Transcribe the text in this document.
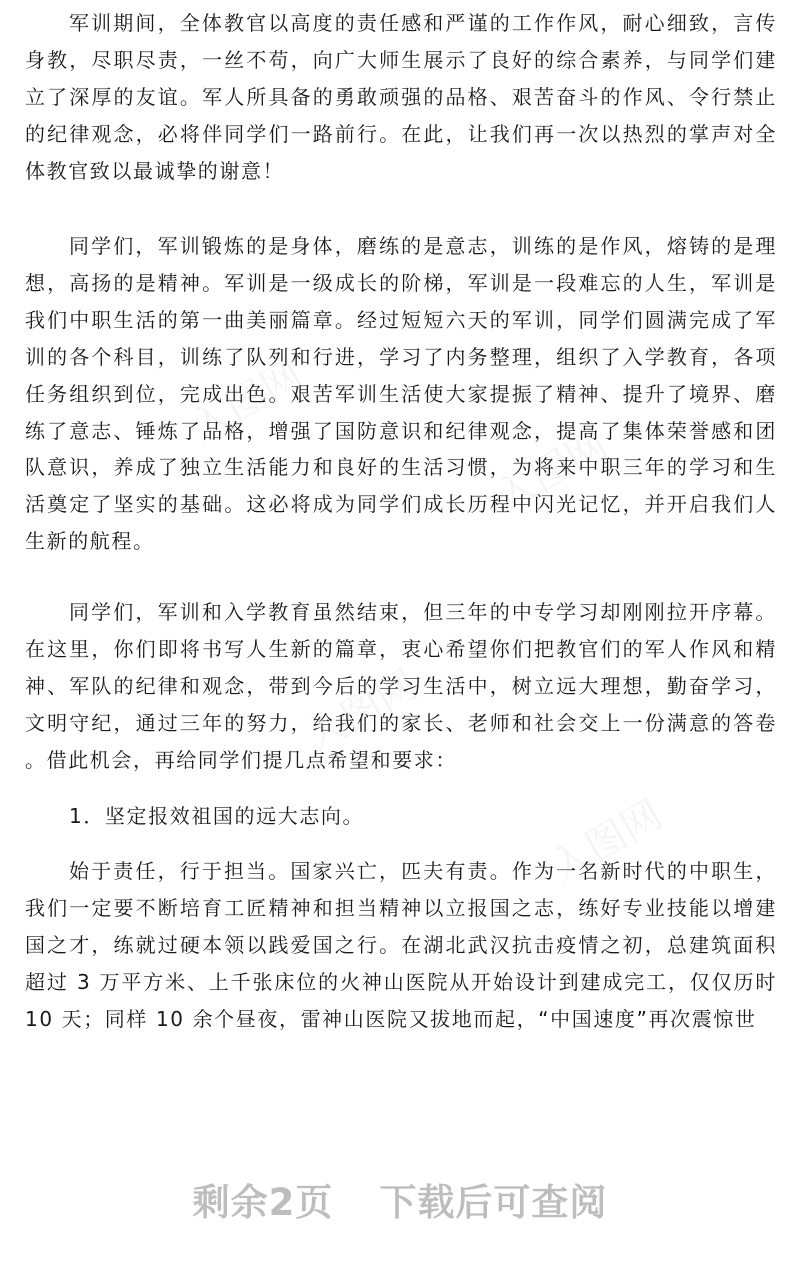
军训期间，全体教官以高度的责任感和严谨的工作作风，耐心细致，言传身教，尽职尽责，一丝不苟，向广大师生展示了良好的综合素养，与同学们建立了深厚的友谊。军人所具备的勇敢顽强的品格、艰苦奋斗的作风、令行禁止的纪律观念，必将伴同学们一路前行。在此，让我们再一次以热烈的掌声对全体教官致以最诚挚的谢意！

同学们，军训锻炼的是身体，磨练的是意志，训练的是作风，熔铸的是理想，高扬的是精神。军训是一级成长的阶梯，军训是一段难忘的人生，军训是我们中职生活的第一曲美丽篇章。经过短短六天的军训，同学们圆满完成了军训的各个科目，训练了队列和行进，学习了内务整理，组织了入学教育，各项任务组织到位，完成出色。艰苦军训生活使大家提振了精神、提升了境界、磨练了意志、锤炼了品格，增强了国防意识和纪律观念，提高了集体荣誉感和团队意识，养成了独立生活能力和良好的生活习惯，为将来中职三年的学习和生活奠定了坚实的基础。这必将成为同学们成长历程中闪光记忆，并开启我们人生新的航程。

同学们，军训和入学教育虽然结束，但三年的中专学习却刚刚拉开序幕。在这里，你们即将书写人生新的篇章，衷心希望你们把教官们的军人作风和精神、军队的纪律和观念，带到今后的学习生活中，树立远大理想，勤奋学习，文明守纪，通过三年的努力，给我们的家长、老师和社会交上一份满意的答卷。借此机会，再给同学们提几点希望和要求：

1．坚定报效祖国的远大志向。

始于责任，行于担当。国家兴亡，匹夫有责。作为一名新时代的中职生，我们一定要不断培育工匠精神和担当精神以立报国之志，练好专业技能以增建国之才，练就过硬本领以践爱国之行。在湖北武汉抗击疫情之初，总建筑面积超过 3 万平方米、上千张床位的火神山医院从开始设计到建成完工，仅仅历时 10 天；同样 10 余个昼夜，雷神山医院又拔地而起，“中国速度”再次震惊世

入图网
入图网
入图网
入图网
剩余2页 下载后可查阅
